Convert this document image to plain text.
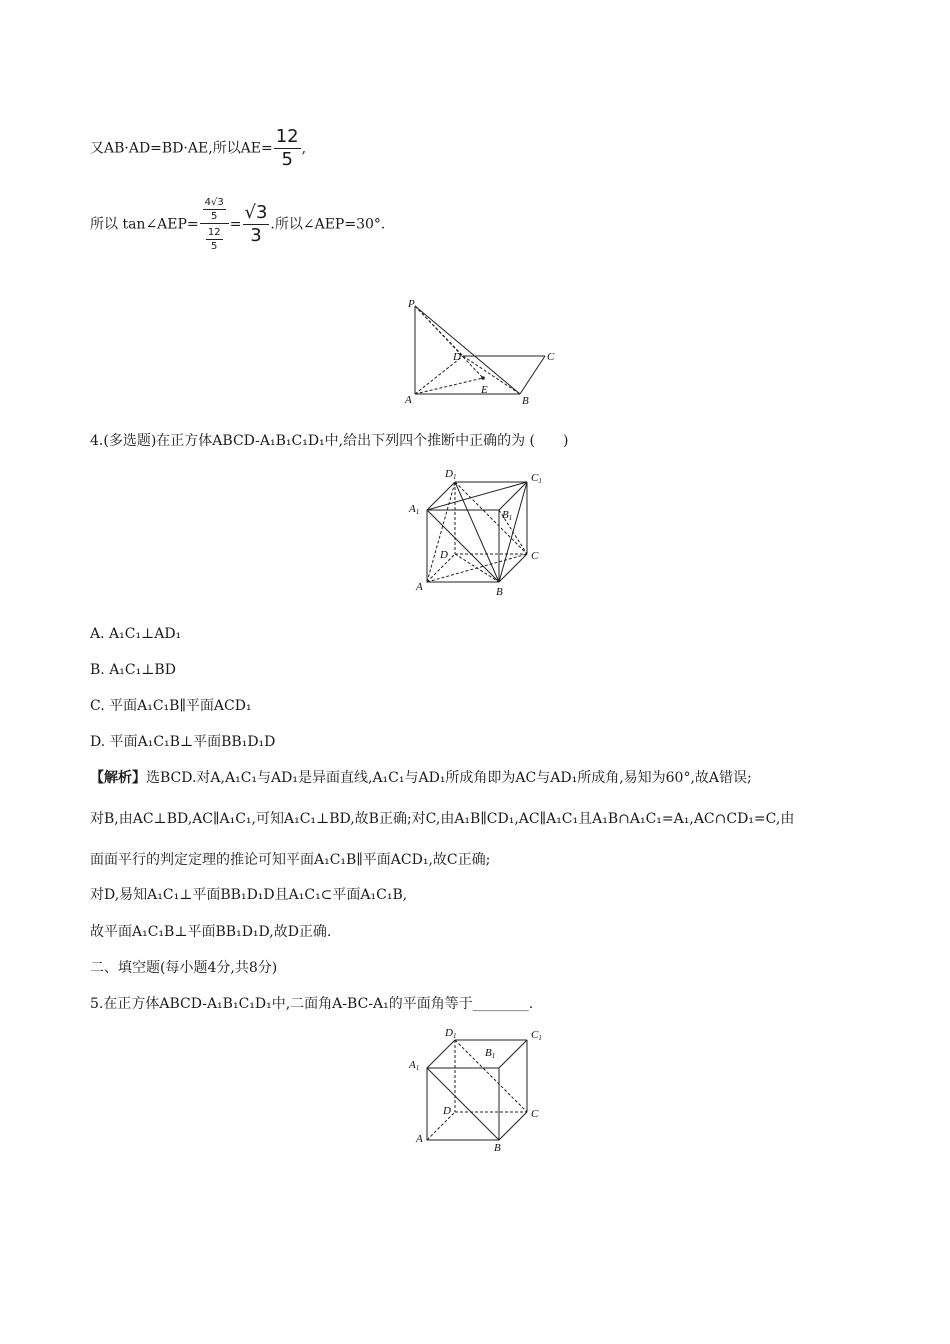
又AB·AD=BD·AE,所以$AE= \frac{12}{5}$ ,
所以 tan∠AEP= $\frac{\frac{4√3}{5}}{\frac{12}{5}} = \frac{√3}{3}$ .所以∠AEP=30°.
P
D	C
A
E
B
4.(多选题)在正方体ABCD-A₁B₁C₁D₁中,给出下列四个推断中正确的为 (　　)
D1	C1
A1	B1
D	C
A	B
A. A₁C₁⊥AD₁
B. A₁C₁⊥BD
C. 平面A₁C₁B∥平面ACD₁
D. 平面A₁C₁B⊥平面BB₁D₁D
【解析】选BCD.对A,A₁C₁与AD₁是异面直线,A₁C₁与AD₁所成角即为AC与AD₁所成角,易知为60°,故A错误;
对B,由AC⊥BD,AC∥A₁C₁,可知A₁C₁⊥BD,故B正确;对C,由A₁B∥CD₁,AC∥A₁C₁且A₁B∩A₁C₁=A₁,AC∩CD₁=C,由
面面平行的判定定理的推论可知平面A₁C₁B∥平面ACD₁,故C正确;
对D,易知A₁C₁⊥平面BB₁D₁D且A₁C₁⊂平面A₁C₁B,
故平面A₁C₁B⊥平面BB₁D₁D,故D正确.
二、填空题(每小题4分,共8分)
5.在正方体ABCD-A₁B₁C₁D₁中,二面角A-BC-A₁的平面角等于________.
D1	C1
A1
B1
D	C
A
B
